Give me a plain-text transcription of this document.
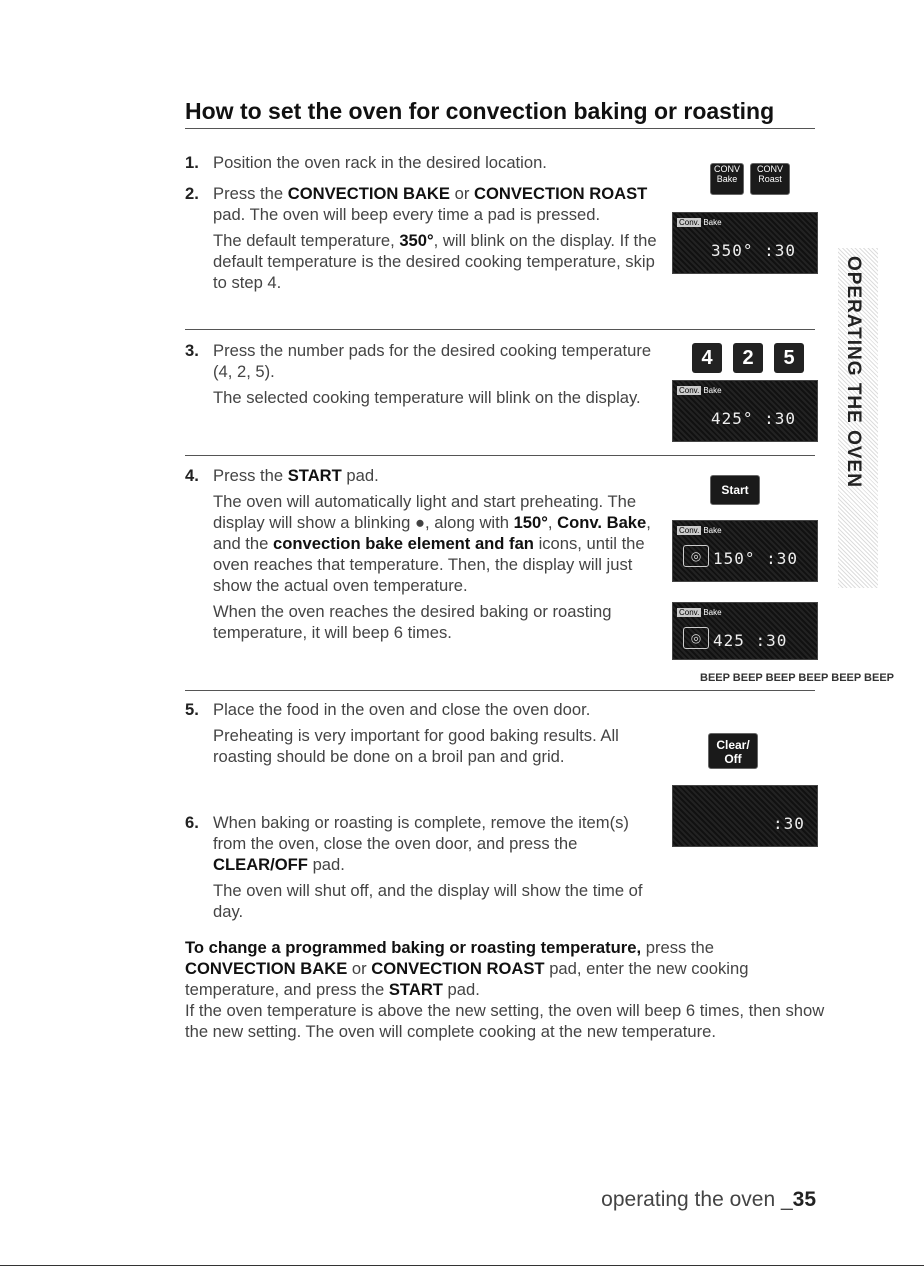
How to set the oven for convection baking or roasting
1. Position the oven rack in the desired location.

2. Press the CONVECTION BAKE or CONVECTION ROAST pad. The oven will beep every time a pad is pressed.

The default temperature, 350°, will blink on the display. If the default temperature is the desired cooking temperature, skip to step 4.

3. Press the number pads for the desired cooking temperature (4, 2, 5).

The selected cooking temperature will blink on the display.

4. Press the START pad.

The oven will automatically light and start preheating. The display will show a blinking ●, along with 150°, Conv. Bake, and the convection bake element and fan icons, until the oven reaches that temperature. Then, the display will just show the actual oven temperature.

When the oven reaches the desired baking or roasting temperature, it will beep 6 times.

5. Place the food in the oven and close the oven door.

Preheating is very important for good baking results. All roasting should be done on a broil pan and grid.

6. When baking or roasting is complete, remove the item(s) from the oven, close the oven door, and press the CLEAR/OFF pad.

The oven will shut off, and the display will show the time of day.

To change a programmed baking or roasting temperature, press the CONVECTION BAKE or CONVECTION ROAST pad, enter the new cooking temperature, and press the START pad.

If the oven temperature is above the new setting, the oven will beep 6 times, then show the new setting. The oven will complete cooking at the new temperature.

CONV
Bake
CONV
Roast
Conv. Bake
350° :30
4	2	5
Conv. Bake
425° :30
Start
Conv. Bake
◎ 150° :30
Conv. Bake
◎ 425 :30
BEEP BEEP BEEP BEEP BEEP BEEP
Clear/ Off
:30
OPERATING THE OVEN
operating the oven _35
